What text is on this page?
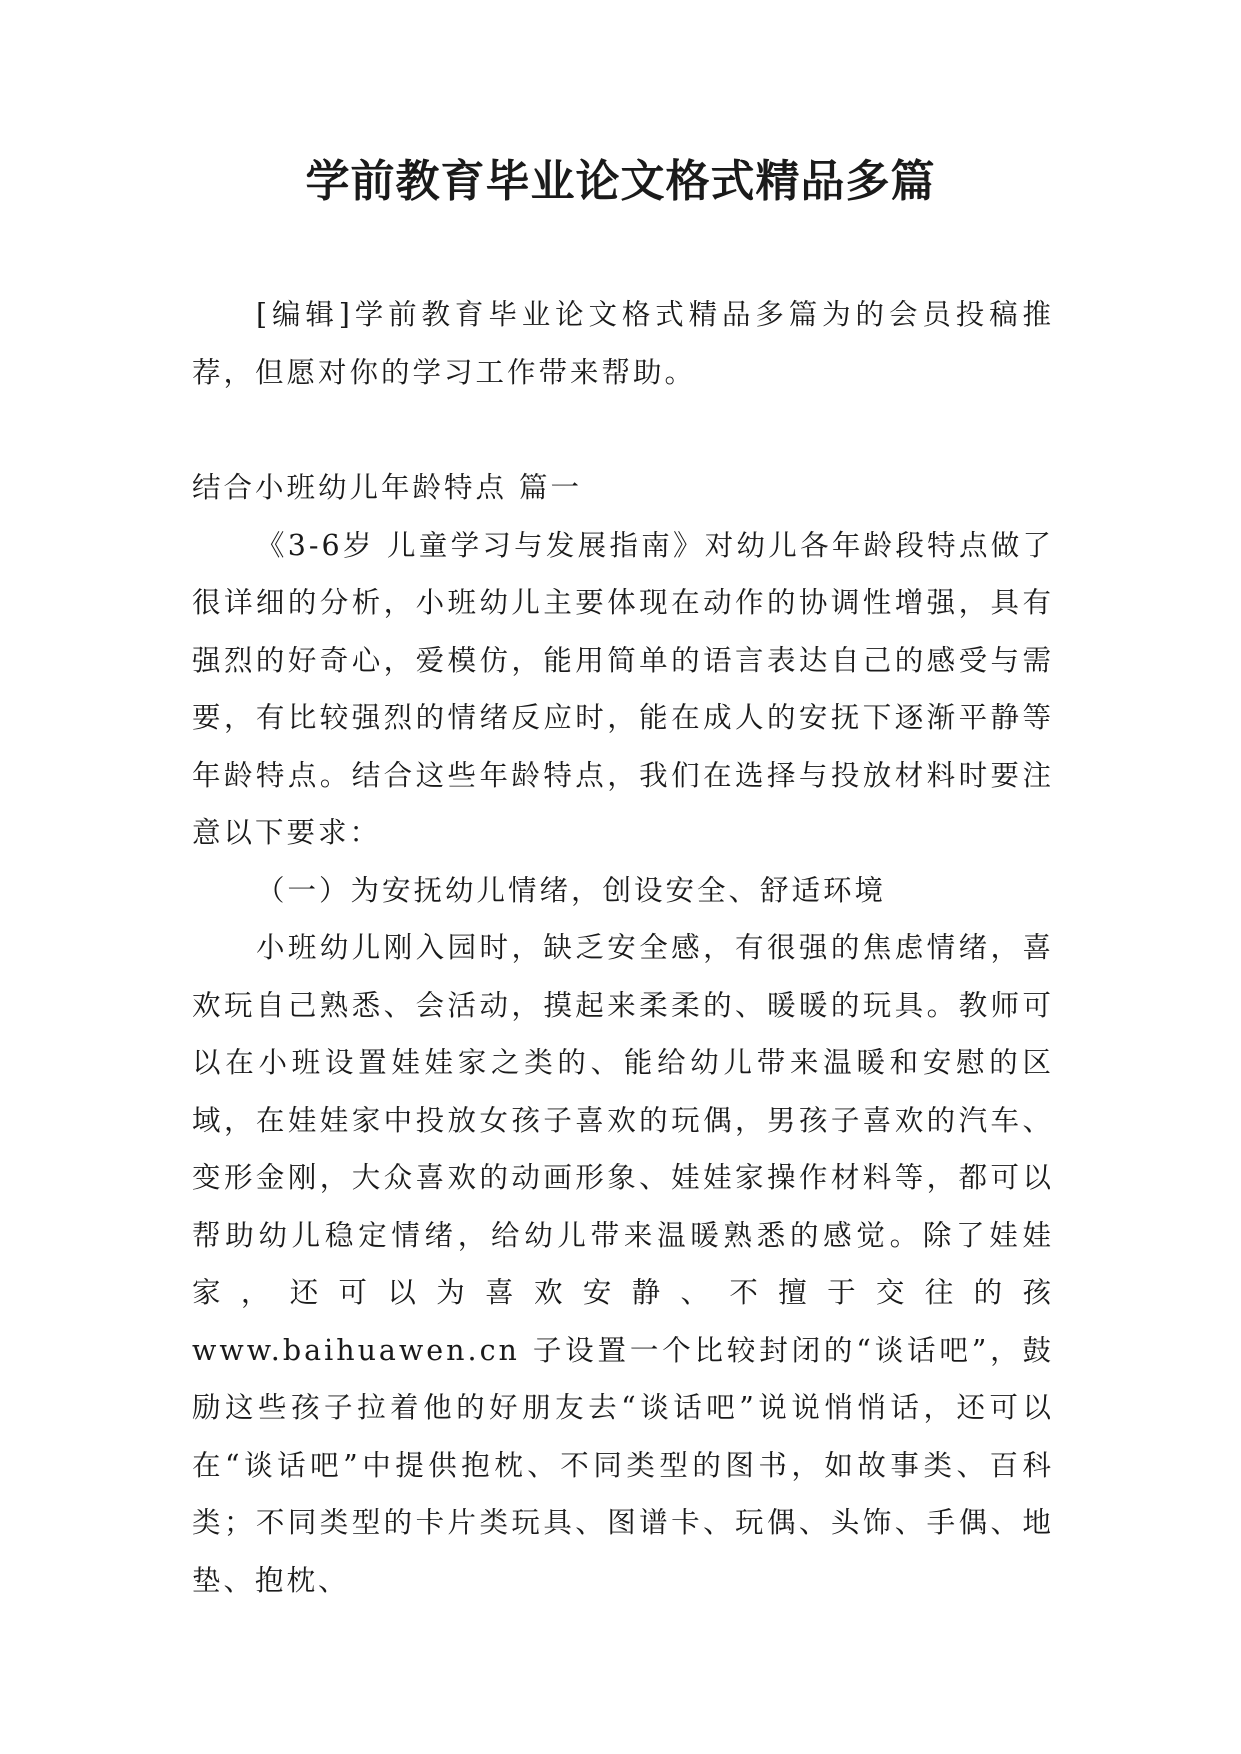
学前教育毕业论文格式精品多篇

[编辑]学前教育毕业论文格式精品多篇为的会员投稿推荐，但愿对你的学习工作带来帮助。

结合小班幼儿年龄特点 篇一

《3-6岁 儿童学习与发展指南》对幼儿各年龄段特点做了很详细的分析，小班幼儿主要体现在动作的协调性增强，具有强烈的好奇心，爱模仿，能用简单的语言表达自己的感受与需要，有比较强烈的情绪反应时，能在成人的安抚下逐渐平静等年龄特点。结合这些年龄特点，我们在选择与投放材料时要注意以下要求：

（一）为安抚幼儿情绪，创设安全、舒适环境

小班幼儿刚入园时，缺乏安全感，有很强的焦虑情绪，喜欢玩自己熟悉、会活动，摸起来柔柔的、暖暖的玩具。教师可以在小班设置娃娃家之类的、能给幼儿带来温暖和安慰的区域，在娃娃家中投放女孩子喜欢的玩偶，男孩子喜欢的汽车、变形金刚，大众喜欢的动画形象、娃娃家操作材料等，都可以帮助幼儿稳定情绪，给幼儿带来温暖熟悉的感觉。除了娃娃家，还可以为喜欢安静、不擅于交往的孩 www.baihuawen.cn 子设置一个比较封闭的“谈话吧”，鼓励这些孩子拉着他的好朋友去“谈话吧”说说悄悄话，还可以在“谈话吧”中提供抱枕、不同类型的图书，如故事类、百科类；不同类型的卡片类玩具、图谱卡、玩偶、头饰、手偶、地垫、抱枕、
